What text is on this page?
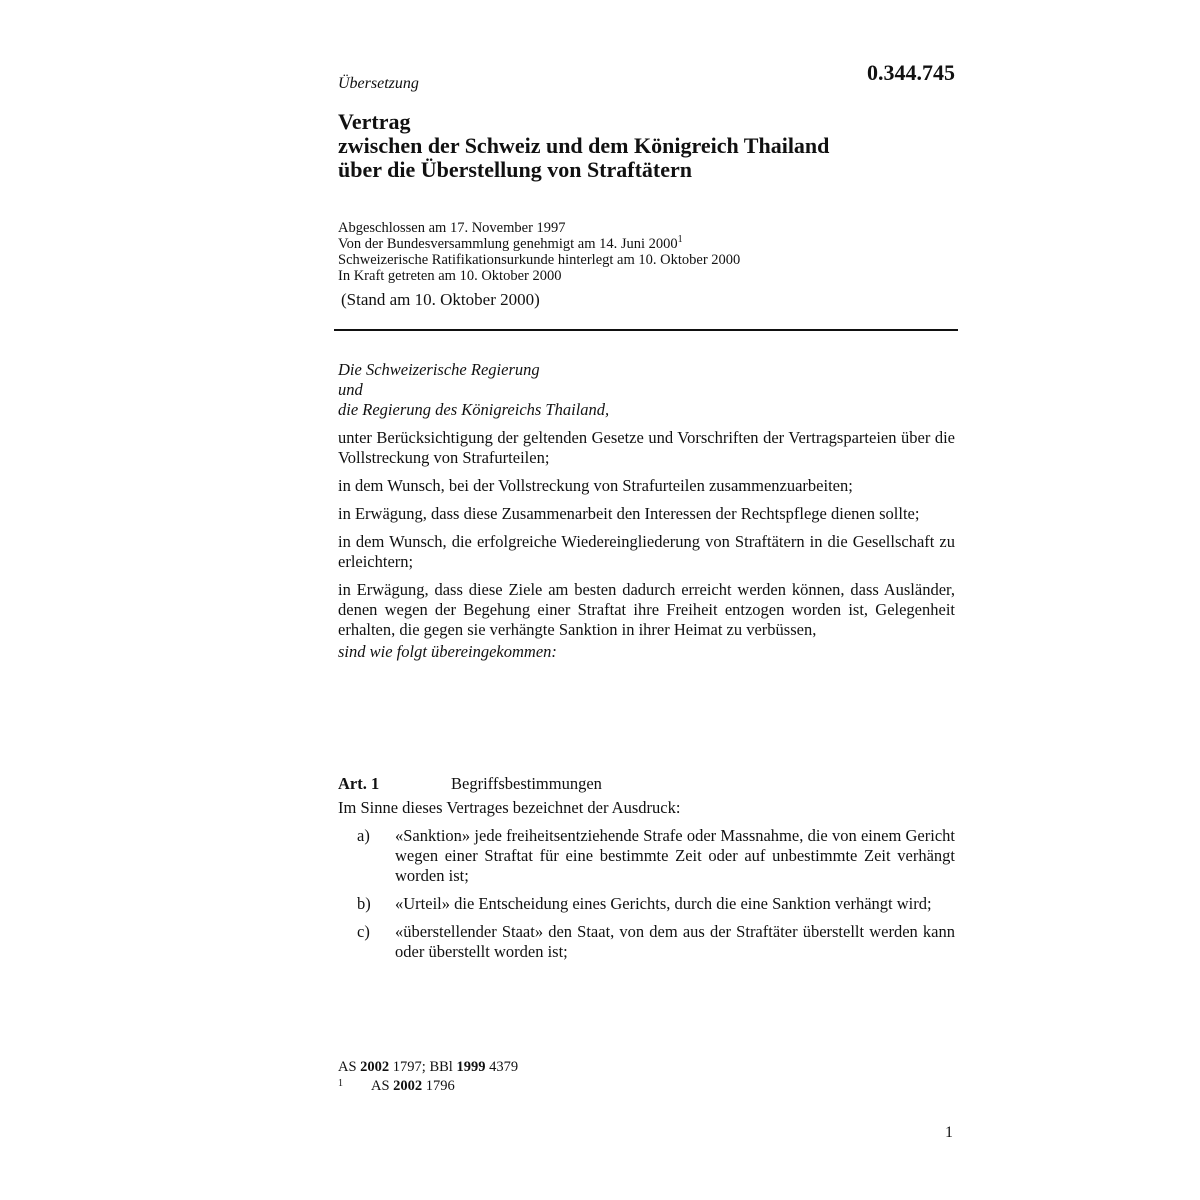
Übersetzung	0.344.745
Vertrag
zwischen der Schweiz und dem Königreich Thailand
über die Überstellung von Straftätern
Abgeschlossen am 17. November 1997
Von der Bundesversammlung genehmigt am 14. Juni 2000$^1$
Schweizerische Ratifikationsurkunde hinterlegt am 10. Oktober 2000
In Kraft getreten am 10. Oktober 2000
(Stand am 10. Oktober 2000)
Die Schweizerische Regierung
und
die Regierung des Königreichs Thailand,

unter Berücksichtigung der geltenden Gesetze und Vorschriften der Vertragsparteien über die Vollstreckung von Strafurteilen;

in dem Wunsch, bei der Vollstreckung von Strafurteilen zusammenzuarbeiten;

in Erwägung, dass diese Zusammenarbeit den Interessen der Rechtspflege dienen sollte;

in dem Wunsch, die erfolgreiche Wiedereingliederung von Straftätern in die Gesellschaft zu erleichtern;

in Erwägung, dass diese Ziele am besten dadurch erreicht werden können, dass Ausländer, denen wegen der Begehung einer Straftat ihre Freiheit entzogen worden ist, Gelegenheit erhalten, die gegen sie verhängte Sanktion in ihrer Heimat zu verbüssen,

sind wie folgt übereingekommen:
Art. 1	Begriffsbestimmungen

Im Sinne dieses Vertrages bezeichnet der Ausdruck:

a)	«Sanktion» jede freiheitsentziehende Strafe oder Massnahme, die von einem Gericht wegen einer Straftat für eine bestimmte Zeit oder auf unbestimmte Zeit verhängt worden ist;
b)	«Urteil» die Entscheidung eines Gerichts, durch die eine Sanktion verhängt wird;
c)	«überstellender Staat» den Staat, von dem aus der Straftäter überstellt werden kann oder überstellt worden ist;
AS 2002 1797; BBl 1999 4379
1	AS 2002 1796
1
